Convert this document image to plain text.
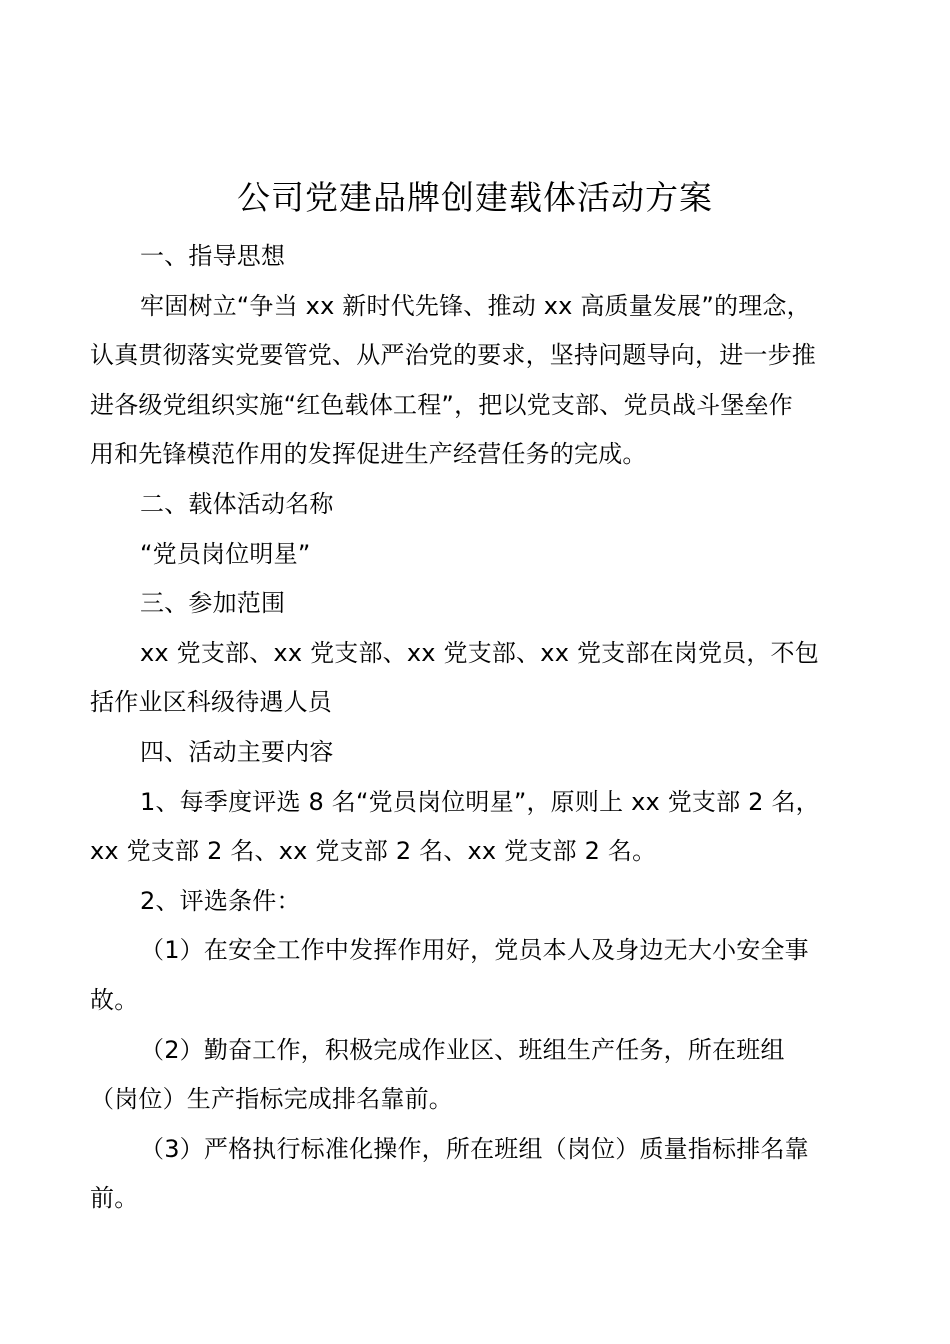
公司党建品牌创建载体活动方案
一、指导思想
牢固树立“争当 xx 新时代先锋、推动 xx 高质量发展”的理念，
认真贯彻落实党要管党、从严治党的要求，坚持问题导向，进一步推
进各级党组织实施“红色载体工程”，把以党支部、党员战斗堡垒作
用和先锋模范作用的发挥促进生产经营任务的完成。
二、载体活动名称
“党员岗位明星”
三、参加范围
xx 党支部、xx 党支部、xx 党支部、xx 党支部在岗党员，不包
括作业区科级待遇人员
四、活动主要内容
1、每季度评选 8 名“党员岗位明星”，原则上 xx 党支部 2 名，
xx 党支部 2 名、xx 党支部 2 名、xx 党支部 2 名。
2、评选条件：
（1）在安全工作中发挥作用好，党员本人及身边无大小安全事
故。
（2）勤奋工作，积极完成作业区、班组生产任务，所在班组
（岗位）生产指标完成排名靠前。
（3）严格执行标准化操作，所在班组（岗位）质量指标排名靠
前。
